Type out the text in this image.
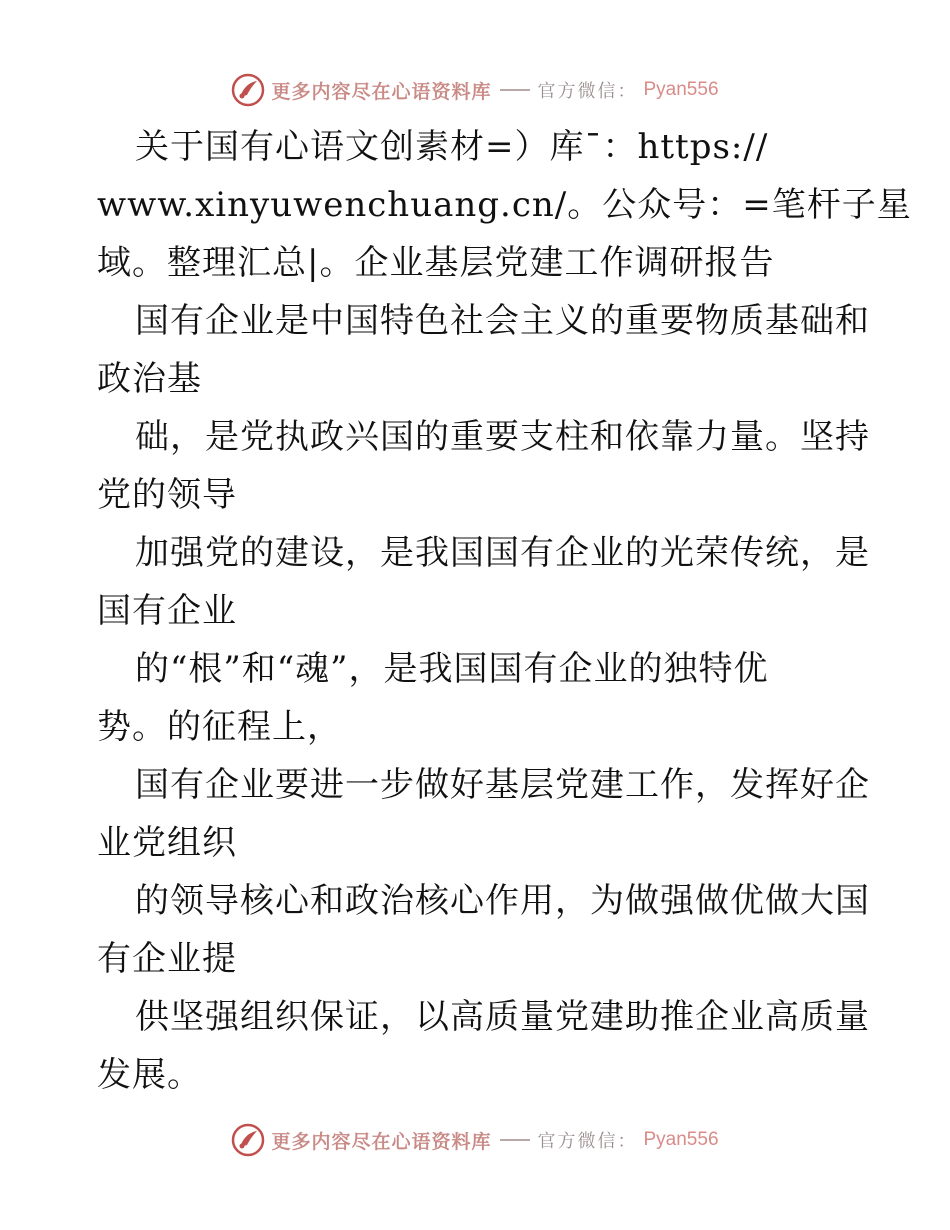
更多内容尽在心语资料库	官方微信： Pyan556
关于国有心语文创素材=）库¯：https://
www.xinyuwenchuang.cn/。公众号：=笔杆子星
域。整理汇总|。企业基层党建工作调研报告
国有企业是中国特色社会主义的重要物质基础和
政治基
础，是党执政兴国的重要支柱和依靠力量。坚持
党的领导
加强党的建设，是我国国有企业的光荣传统，是
国有企业
的“根”和“魂”，是我国国有企业的独特优
势。的征程上，
国有企业要进一步做好基层党建工作，发挥好企
业党组织
的领导核心和政治核心作用，为做强做优做大国
有企业提
供坚强组织保证，以高质量党建助推企业高质量
发展。
更多内容尽在心语资料库	官方微信： Pyan556
